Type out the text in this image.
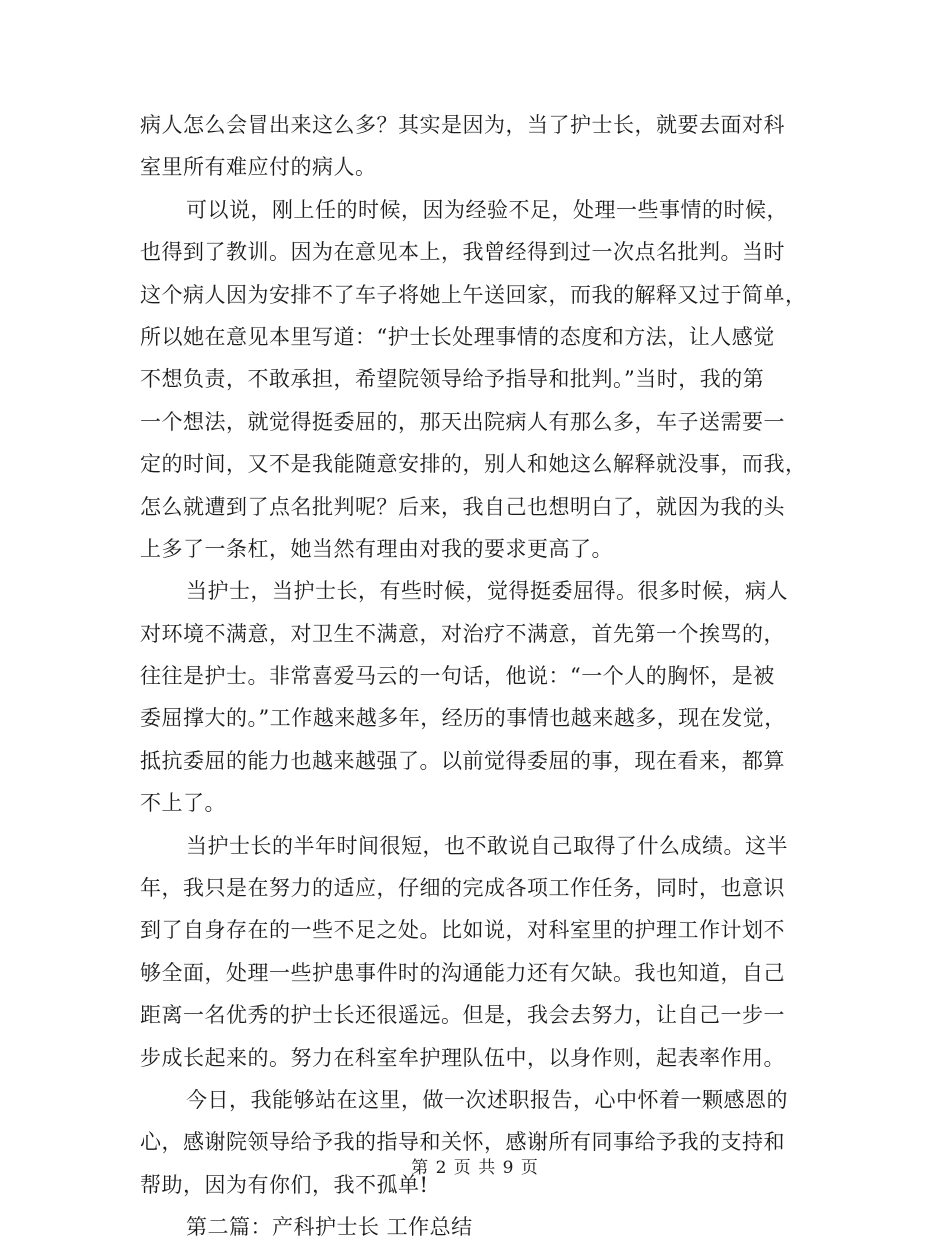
病人怎么会冒出来这么多？其实是因为，当了护士长，就要去面对科
室里所有难应付的病人。
可以说，刚上任的时候，因为经验不足，处理一些事情的时候，
也得到了教训。因为在意见本上，我曾经得到过一次点名批判。当时
这个病人因为安排不了车子将她上午送回家，而我的解释又过于简单，
所以她在意见本里写道：“护士长处理事情的态度和方法，让人感觉
不想负责，不敢承担，希望院领导给予指导和批判。”当时，我的第
一个想法，就觉得挺委屈的，那天出院病人有那么多，车子送需要一
定的时间，又不是我能随意安排的，别人和她这么解释就没事，而我，
怎么就遭到了点名批判呢？后来，我自己也想明白了，就因为我的头
上多了一条杠，她当然有理由对我的要求更高了。
当护士，当护士长，有些时候，觉得挺委屈得。很多时候，病人
对环境不满意，对卫生不满意，对治疗不满意，首先第一个挨骂的，
往往是护士。非常喜爱马云的一句话，他说：“一个人的胸怀，是被
委屈撑大的。”工作越来越多年，经历的事情也越来越多，现在发觉，
抵抗委屈的能力也越来越强了。以前觉得委屈的事，现在看来，都算
不上了。
当护士长的半年时间很短，也不敢说自己取得了什么成绩。这半
年，我只是在努力的适应，仔细的完成各项工作任务，同时，也意识
到了自身存在的一些不足之处。比如说，对科室里的护理工作计划不
够全面，处理一些护患事件时的沟通能力还有欠缺。我也知道，自己
距离一名优秀的护士长还很遥远。但是，我会去努力，让自己一步一
步成长起来的。努力在科室牟护理队伍中，以身作则，起表率作用。
今日，我能够站在这里，做一次述职报告，心中怀着一颗感恩的
心，感谢院领导给予我的指导和关怀，感谢所有同事给予我的支持和
帮助，因为有你们，我不孤单!
第二篇：产科护士长 工作总结
第 2 页 共 9 页
